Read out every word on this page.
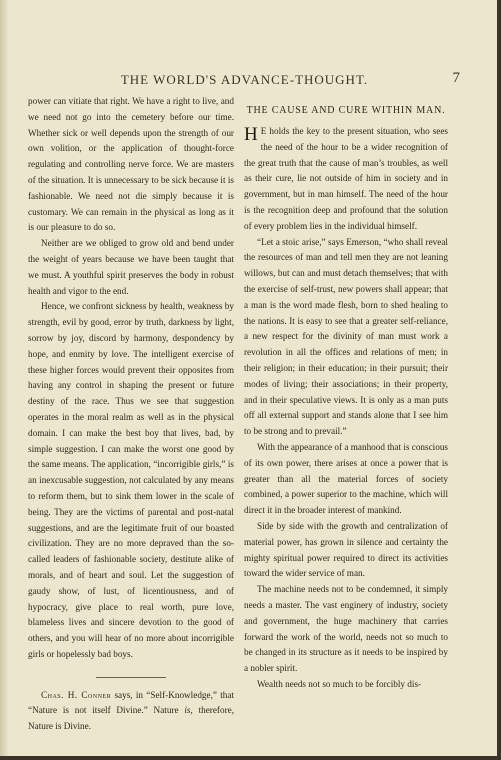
THE WORLD'S ADVANCE-THOUGHT.	7

power can vitiate that right. We have a right to live, and we need not go into the cemetery before our time. Whether sick or well depends upon the strength of our own volition, or the application of thought-force regulating and controlling nerve force. We are masters of the situation. It is unnecessary to be sick because it is fashionable. We need not die simply because it is customary. We can remain in the physical as long as it is our pleasure to do so.

Neither are we obliged to grow old and bend under the weight of years because we have been taught that we must. A youthful spirit preserves the body in robust health and vigor to the end.

Hence, we confront sickness by health, weakness by strength, evil by good, error by truth, darkness by light, sorrow by joy, discord by harmony, despondency by hope, and enmity by love. The intelligent exercise of these higher forces would prevent their opposites from having any control in shaping the present or future destiny of the race. Thus we see that suggestion operates in the moral realm as well as in the physical domain. I can make the best boy that lives, bad, by simple suggestion. I can make the worst one good by the same means. The application, “incorrigible girls,” is an inexcusable suggestion, not calculated by any means to reform them, but to sink them lower in the scale of being. They are the victims of parental and post-natal suggestions, and are the legitimate fruit of our boasted civilization. They are no more depraved than the so-called leaders of fashionable society, destitute alike of morals, and of heart and soul. Let the suggestion of gaudy show, of lust, of licentiousness, and of hypocracy, give place to real worth, pure love, blameless lives and sincere devotion to the good of others, and you will hear of no more about incorrigible girls or hopelessly bad boys.

Chas. H. Conner says, in “Self-Knowledge,” that “Nature is not itself Divine.” Nature is, therefore, Nature is Divine.

THE CAUSE AND CURE WITHIN MAN.

H E holds the key to the present situation, who sees the need of the hour to be a wider recognition of the great truth that the cause of man’s troubles, as well as their cure, lie not outside of him in society and in government, but in man himself. The need of the hour is the recognition deep and profound that the solution of every problem lies in the individual himself.

“Let a stoic arise,” says Emerson, “who shall reveal the resources of man and tell men they are not leaning willows, but can and must detach themselves; that with the exercise of self-trust, new powers shall appear; that a man is the word made flesh, born to shed healing to the nations. It is easy to see that a greater self-reliance, a new respect for the divinity of man must work a revolution in all the offices and relations of men; in their religion; in their education; in their pursuit; their modes of living; their associations; in their property, and in their speculative views. It is only as a man puts off all external support and stands alone that I see him to be strong and to prevail.”

With the appearance of a manhood that is conscious of its own power, there arises at once a power that is greater than all the material forces of society combined, a power superior to the machine, which will direct it in the broader interest of mankind.

Side by side with the growth and centralization of material power, has grown in silence and certainty the mighty spiritual power required to direct its activities toward the wider service of man.

The machine needs not to be condemned, it simply needs a master. The vast enginery of industry, society and government, the huge machinery that carries forward the work of the world, needs not so much to be changed in its structure as it needs to be inspired by a nobler spirit.

Wealth needs not so much to be forcibly dis-
